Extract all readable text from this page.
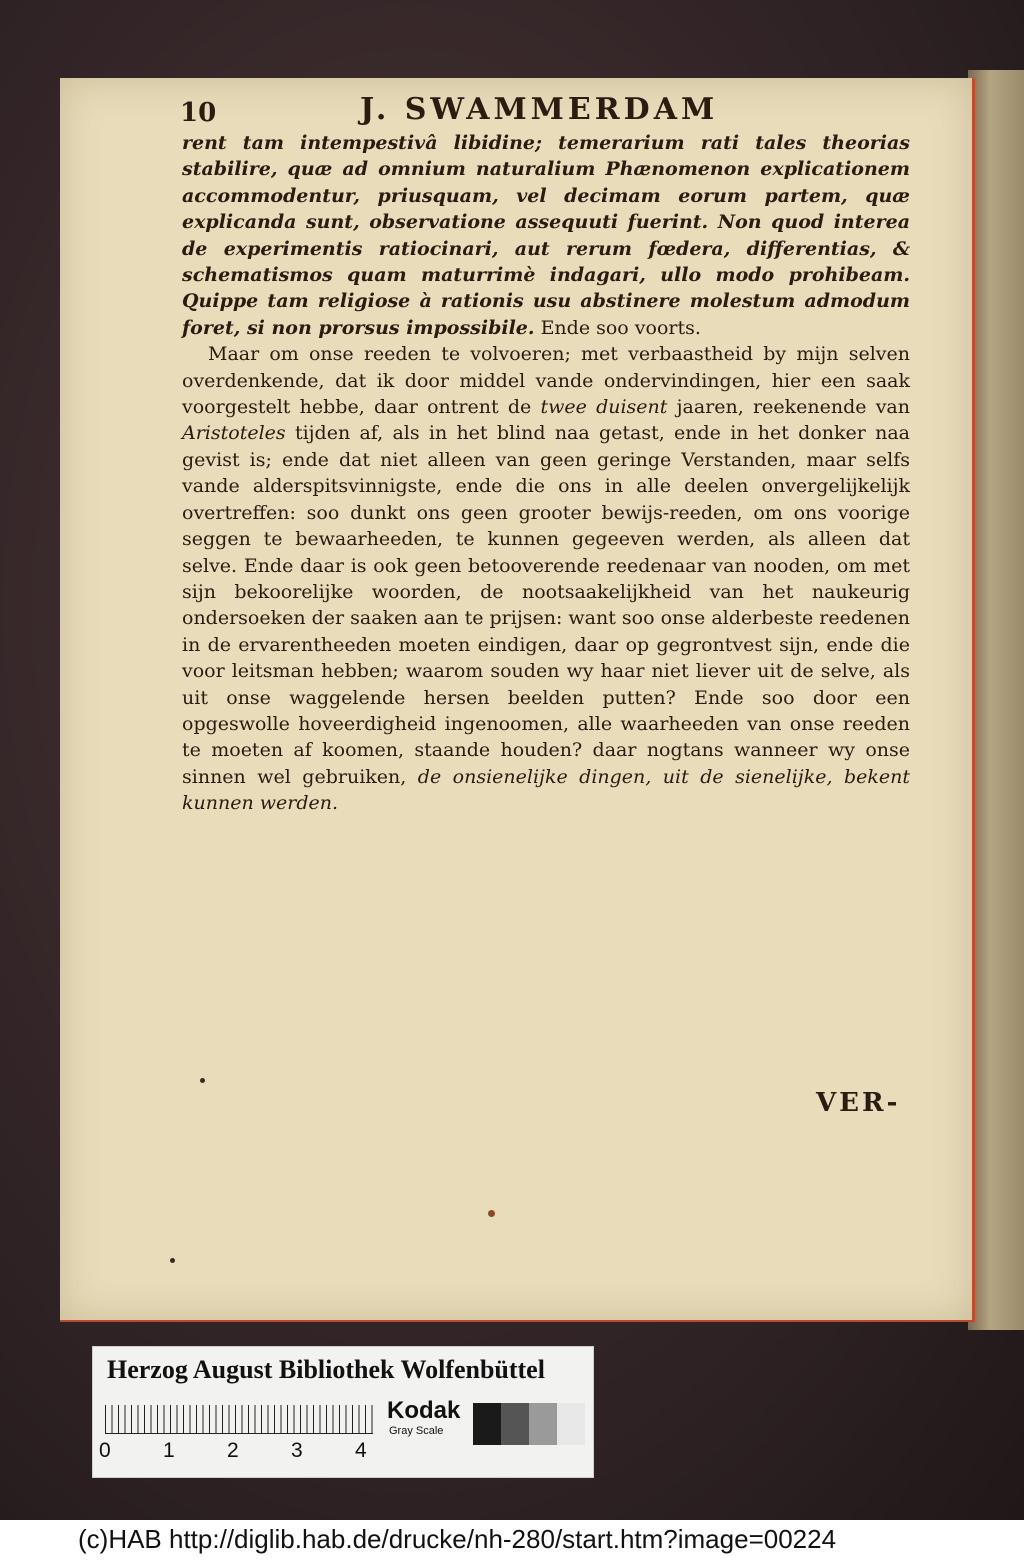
10	J. SWAMMERDAM

rent tam intempestivâ libidine; temerarium rati tales theorias stabilire, quæ ad omnium naturalium Phænomenon explicationem accommodentur, priusquam, vel decimam eorum partem, quæ explicanda sunt, observatione assequuti fuerint. Non quod interea de experimentis ratiocinari, aut rerum fœdera, differentias, & schematismos quam maturrimè indagari, ullo modo prohibeam. Quippe tam religiose à rationis usu abstinere molestum admodum foret, si non prorsus impossibile. Ende soo voorts.

Maar om onse reeden te volvoeren; met verbaastheid by mijn selven overdenkende, dat ik door middel vande ondervindingen, hier een saak voorgestelt hebbe, daar ontrent de twee duisent jaaren, reekenende van Aristoteles tijden af, als in het blind naa getast, ende in het donker naa gevist is; ende dat niet alleen van geen geringe Verstanden, maar selfs vande alderspitsvinnigste, ende die ons in alle deelen onvergelijkelijk overtreffen: soo dunkt ons geen grooter bewijs-reeden, om ons voorige seggen te bewaarheeden, te kunnen gegeeven werden, als alleen dat selve. Ende daar is ook geen betooverende reedenaar van nooden, om met sijn bekoorelijke woorden, de nootsaakelijkheid van het naukeurig ondersoeken der saaken aan te prijsen: want soo onse alderbeste reedenen in de ervarentheeden moeten eindigen, daar op gegrontvest sijn, ende die voor leitsman hebben; waarom souden wy haar niet liever uit de selve, als uit onse waggelende hersen beelden putten? Ende soo door een opgeswolle hoveerdigheid ingenoomen, alle waarheeden van onse reeden te moeten af koomen, staande houden? daar nogtans wanneer wy onse sinnen wel gebruiken, de onsienelijke dingen, uit de sienelijke, bekent kunnen werden.

VER-
Herzog August Bibliothek Wolfenbüttel
0 1 2 3 4
Kodak
Gray Scale
(c)HAB http://diglib.hab.de/drucke/nh-280/start.htm?image=00224
